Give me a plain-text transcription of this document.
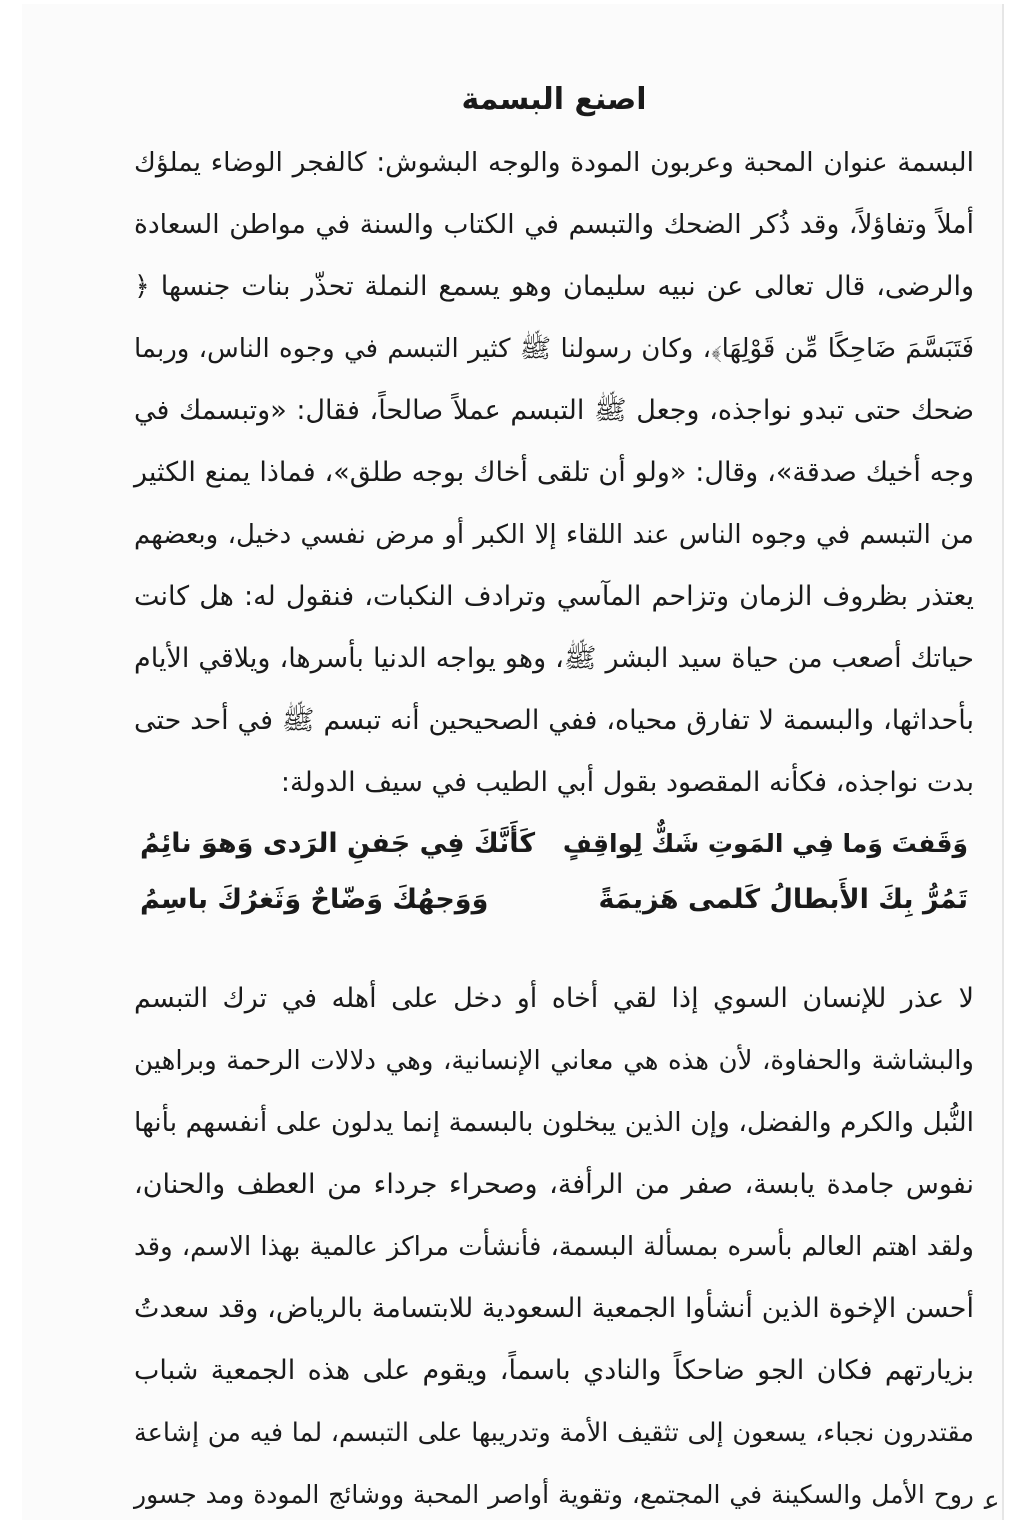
اصنع البسمة
البسمة عنوان المحبة وعربون المودة والوجه البشوش: كالفجر الوضاء يملؤك
أملاً وتفاؤلاً، وقد ذُكر الضحك والتبسم في الكتاب والسنة في مواطن السعادة
والرضى، قال تعالى عن نبيه سليمان وهو يسمع النملة تحذّر بنات جنسها ﴿
فَتَبَسَّمَ ضَاحِكًا مِّن قَوْلِهَا﴾، وكان رسولنا ﷺ كثير التبسم في وجوه الناس، وربما
ضحك حتى تبدو نواجذه، وجعل ﷺ التبسم عملاً صالحاً، فقال: «وتبسمك في
وجه أخيك صدقة»، وقال: «ولو أن تلقى أخاك بوجه طلق»، فماذا يمنع الكثير
من التبسم في وجوه الناس عند اللقاء إلا الكبر أو مرض نفسي دخيل، وبعضهم
يعتذر بظروف الزمان وتزاحم المآسي وترادف النكبات، فنقول له: هل كانت
حياتك أصعب من حياة سيد البشر ﷺ، وهو يواجه الدنيا بأسرها، ويلاقي الأيام
بأحداثها، والبسمة لا تفارق محياه، ففي الصحيحين أنه تبسم ﷺ في أحد حتى
بدت نواجذه، فكأنه المقصود بقول أبي الطيب في سيف الدولة:
وَقَفتَ وَما فِي المَوتِ شَكٌّ لِواقِفٍ
كَأَنَّكَ فِي جَفنِ الرَدى وَهوَ نائِمُ
تَمُرُّ بِكَ الأَبطالُ كَلمى هَزيمَةً
وَوَجهُكَ وَضّاحٌ وَثَغرُكَ باسِمُ
لا عذر للإنسان السوي إذا لقي أخاه أو دخل على أهله في ترك التبسم
والبشاشة والحفاوة، لأن هذه هي معاني الإنسانية، وهي دلالات الرحمة وبراهين
النُّبل والكرم والفضل، وإن الذين يبخلون بالبسمة إنما يدلون على أنفسهم بأنها
نفوس جامدة يابسة، صفر من الرأفة، وصحراء جرداء من العطف والحنان،
ولقد اهتم العالم بأسره بمسألة البسمة، فأنشأت مراكز عالمية بهذا الاسم، وقد
أحسن الإخوة الذين أنشأوا الجمعية السعودية للابتسامة بالرياض، وقد سعدتُ
بزيارتهم فكان الجو ضاحكاً والنادي باسماً، ويقوم على هذه الجمعية شباب
مقتدرون نجباء، يسعون إلى تثقيف الأمة وتدريبها على التبسم، لما فيه من إشاعة
روح الأمل والسكينة في المجتمع، وتقوية أواصر المحبة ووشائج المودة ومد جسور ﻋ
